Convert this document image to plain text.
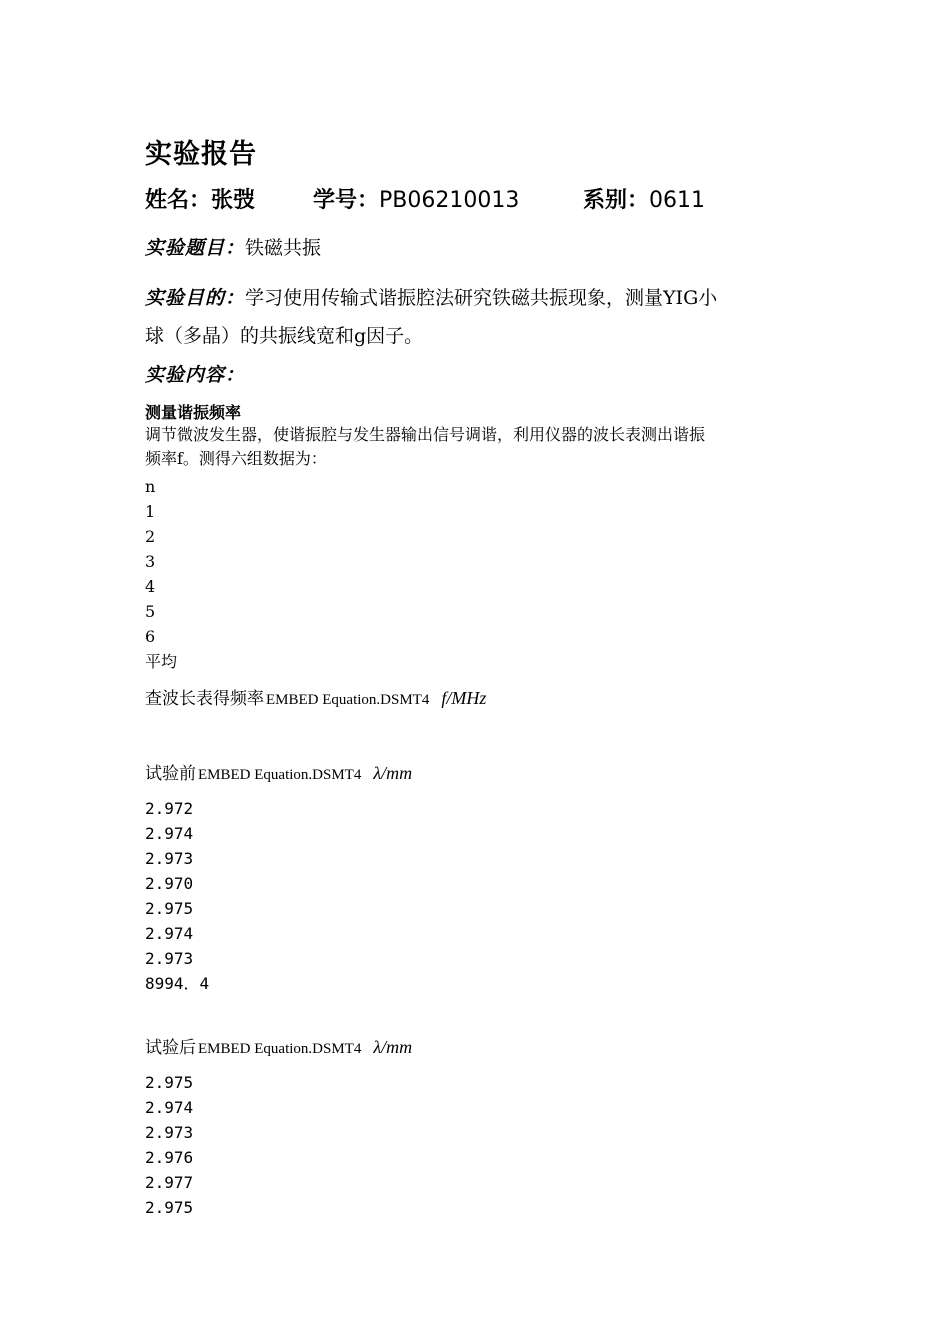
实验报告
姓名：张弢	学号：PB06210013	系别：0611
实验题目：铁磁共振
实验目的：学习使用传输式谐振腔法研究铁磁共振现象，测量YIG小
球（多晶）的共振线宽和g因子。
实验内容：
测量谐振频率
调节微波发生器，使谐振腔与发生器输出信号调谐，利用仪器的波长表测出谐振
频率f。测得六组数据为：
n
1
2
3
4
5
6
平均
查波长表得频率 EMBED Equation.DSMT4 f/MHz
试验前 EMBED Equation.DSMT4 λ/mm
2.972
2.974
2.973
2.970
2.975
2.974
2.973
8994．4
试验后 EMBED Equation.DSMT4 λ/mm
2.975
2.974
2.973
2.976
2.977
2.975
